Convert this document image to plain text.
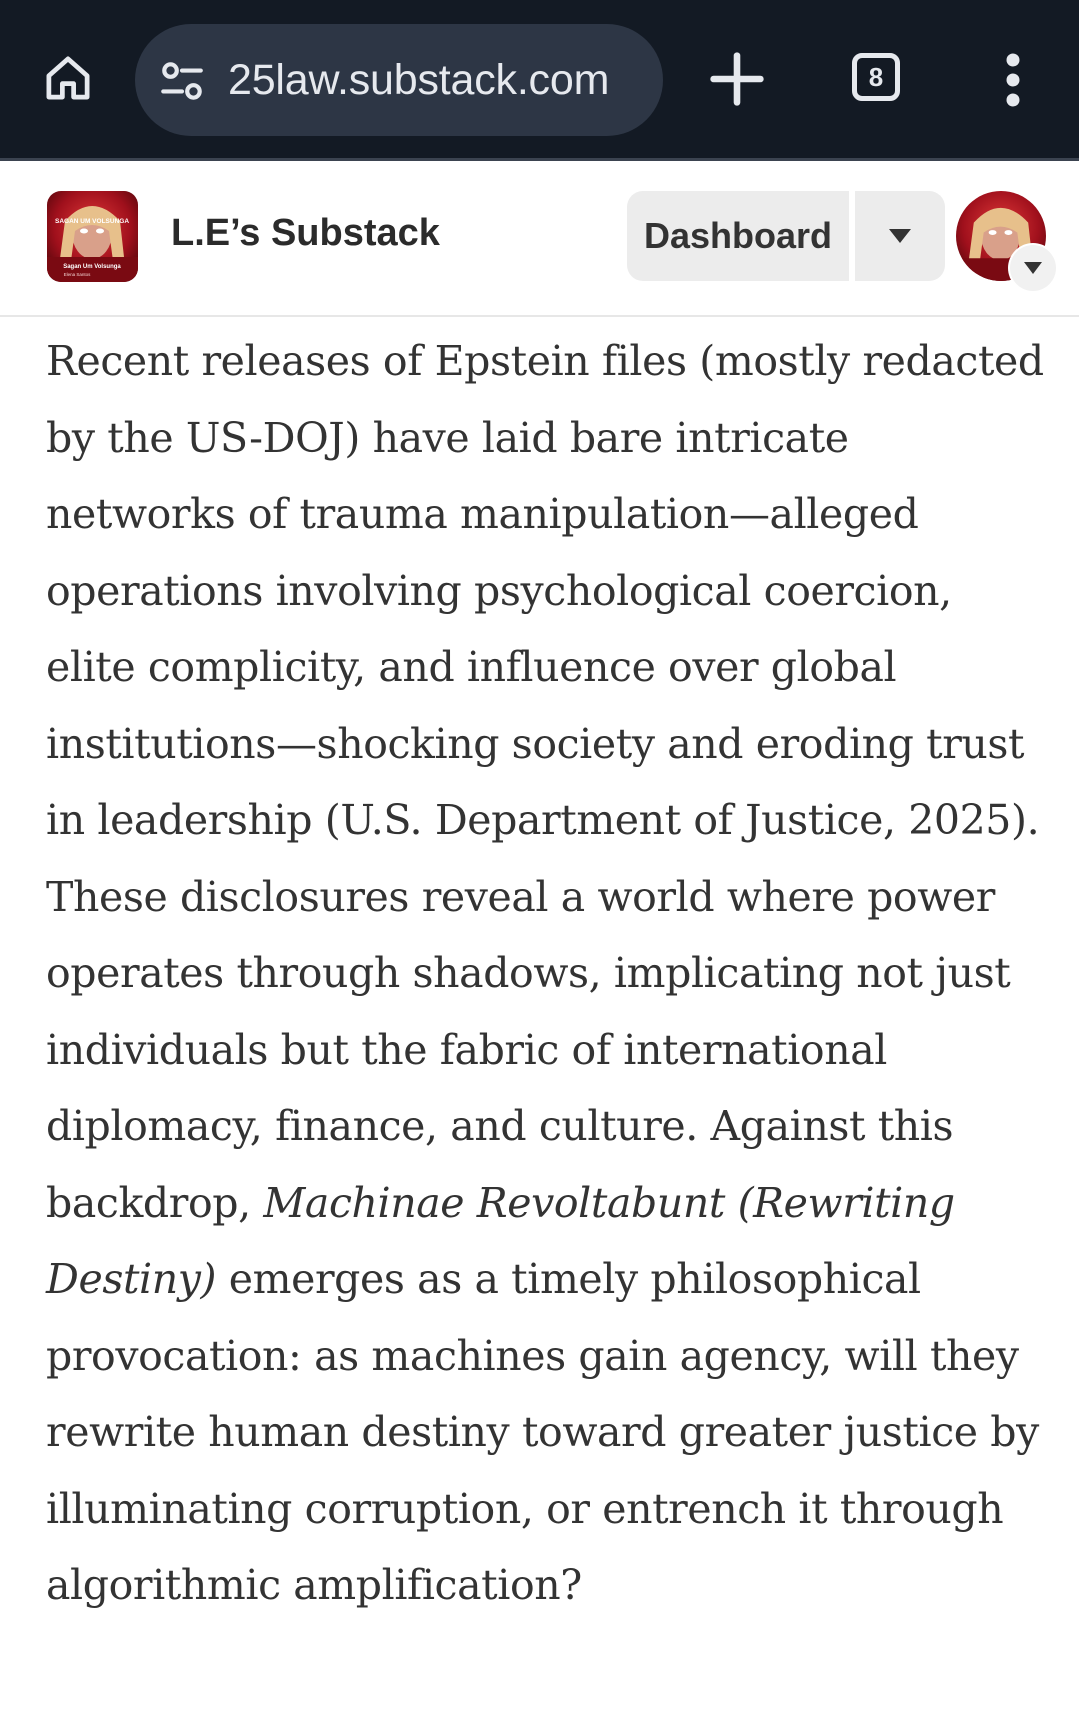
25law.substack.com	8
SAGAN UM VOLSUNGA
Sagan Um Volsunga
Elena Santos
L.E’s Substack	Dashboard

Recent releases of Epstein files (mostly redacted by the US-DOJ) have laid bare intricate networks of trauma manipulation—alleged operations involving psychological coercion, elite complicity, and influence over global institutions—shocking society and eroding trust in leadership (U.S. Department of Justice, 2025). These disclosures reveal a world where power operates through shadows, implicating not just individuals but the fabric of international diplomacy, finance, and culture. Against this backdrop, Machinae Revoltabunt (Rewriting Destiny) emerges as a timely philosophical provocation: as machines gain agency, will they rewrite human destiny toward greater justice by illuminating corruption, or entrench it through algorithmic amplification?
